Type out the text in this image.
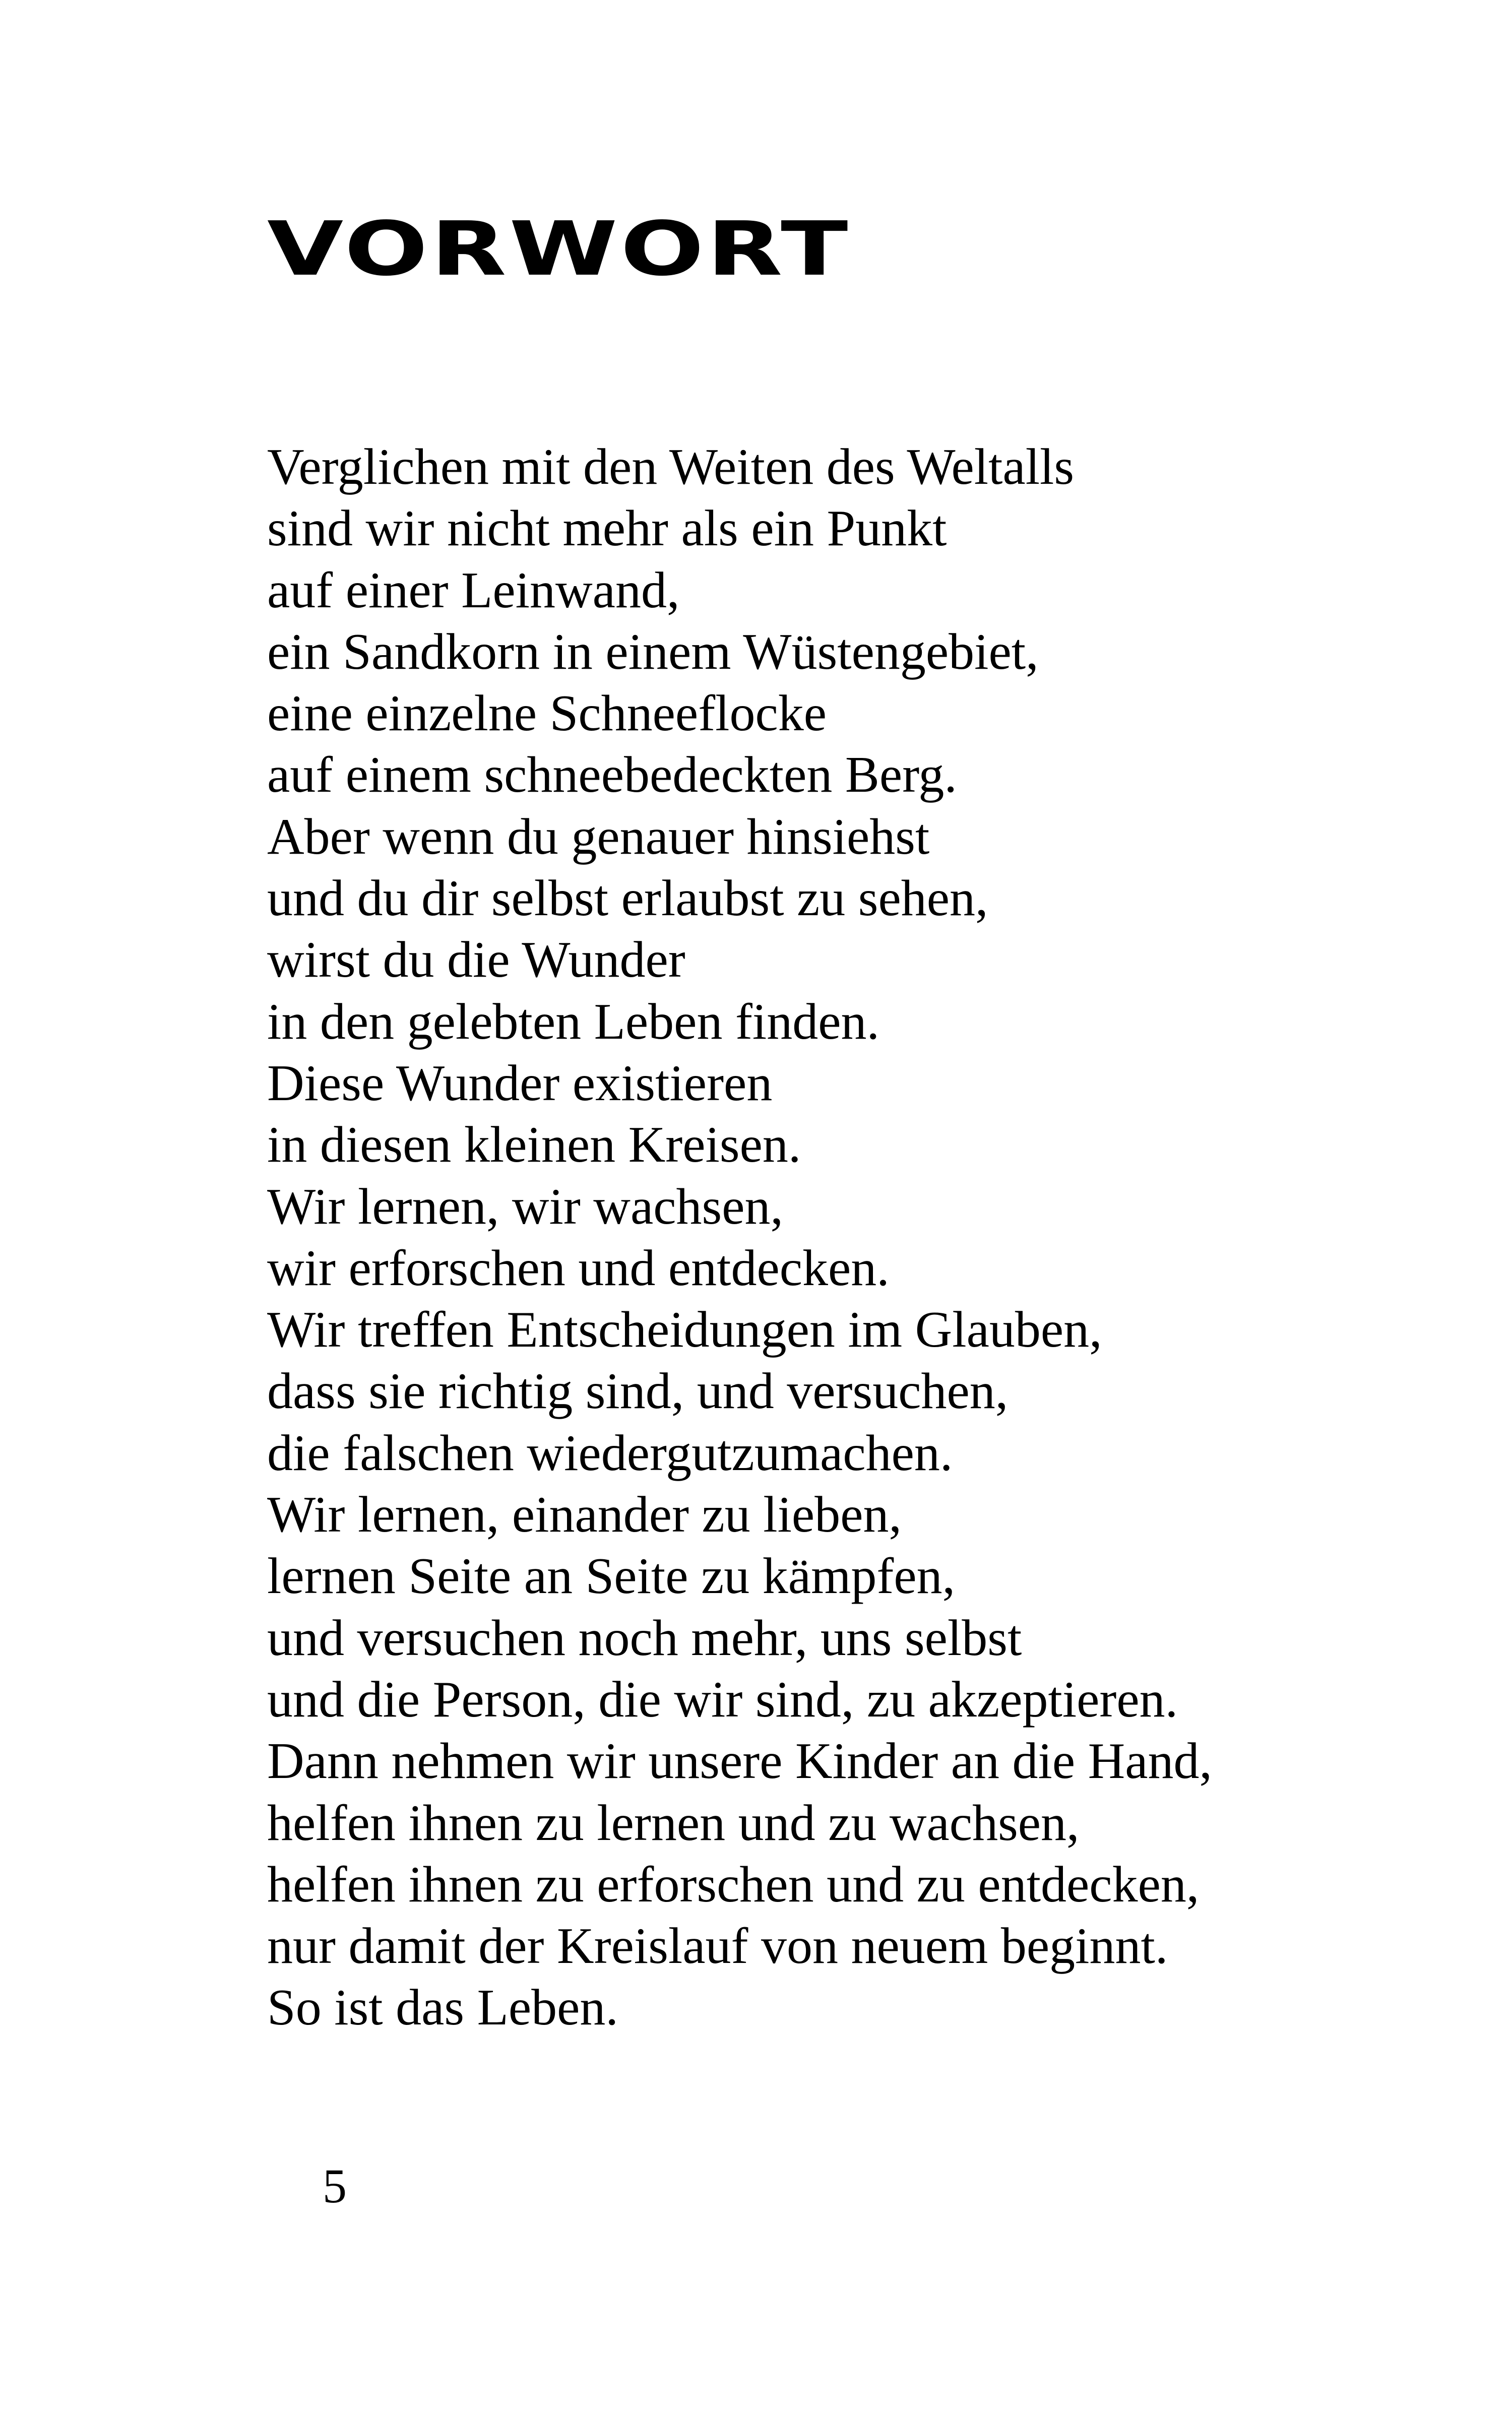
VORWORT
Verglichen mit den Weiten des Weltalls
sind wir nicht mehr als ein Punkt
auf einer Leinwand,
ein Sandkorn in einem Wüstengebiet,
eine einzelne Schneeflocke
auf einem schneebedeckten Berg.
Aber wenn du genauer hinsiehst
und du dir selbst erlaubst zu sehen,
wirst du die Wunder
in den gelebten Leben finden.
Diese Wunder existieren
in diesen kleinen Kreisen.
Wir lernen, wir wachsen,
wir erforschen und entdecken.
Wir treffen Entscheidungen im Glauben,
dass sie richtig sind, und versuchen,
die falschen wiedergutzumachen.
Wir lernen, einander zu lieben,
lernen Seite an Seite zu kämpfen,
und versuchen noch mehr, uns selbst
und die Person, die wir sind, zu akzeptieren.
Dann nehmen wir unsere Kinder an die Hand,
helfen ihnen zu lernen und zu wachsen,
helfen ihnen zu erforschen und zu entdecken,
nur damit der Kreislauf von neuem beginnt.
So ist das Leben.
5
